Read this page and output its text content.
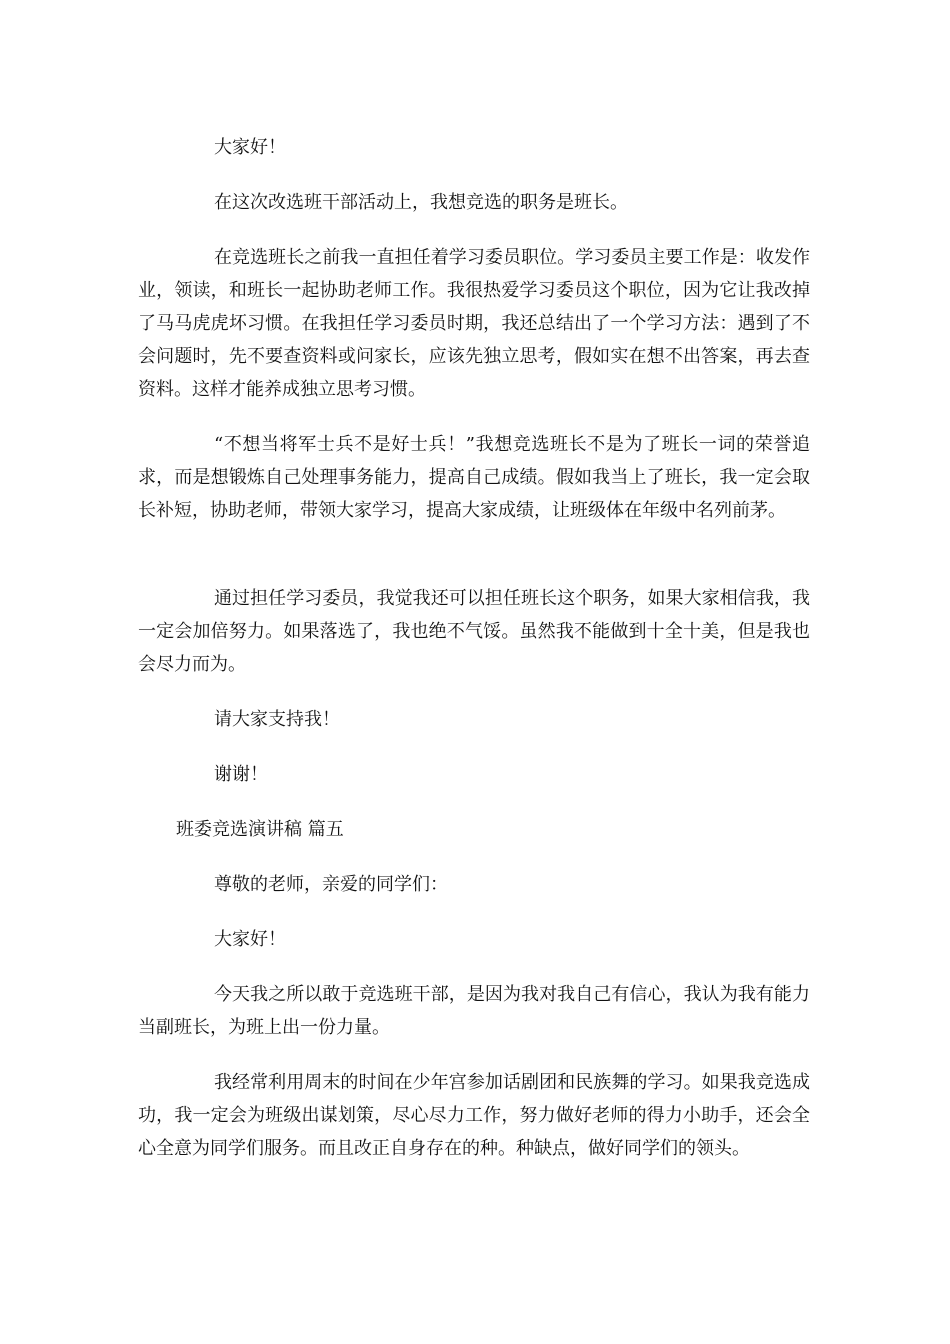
大家好！

在这次改选班干部活动上，我想竞选的职务是班长。

在竞选班长之前我一直担任着学习委员职位。学习委员主要工作是：收发作业，领读，和班长一起协助老师工作。我很热爱学习委员这个职位，因为它让我改掉了马马虎虎坏习惯。在我担任学习委员时期，我还总结出了一个学习方法：遇到了不会问题时，先不要查资料或问家长，应该先独立思考，假如实在想不出答案，再去查资料。这样才能养成独立思考习惯。

“不想当将军士兵不是好士兵！”我想竞选班长不是为了班长一词的荣誉追求，而是想锻炼自己处理事务能力，提高自己成绩。假如我当上了班长，我一定会取长补短，协助老师，带领大家学习，提高大家成绩，让班级体在年级中名列前茅。

通过担任学习委员，我觉我还可以担任班长这个职务，如果大家相信我，我一定会加倍努力。如果落选了，我也绝不气馁。虽然我不能做到十全十美，但是我也会尽力而为。

请大家支持我！

谢谢！

班委竞选演讲稿 篇五

尊敬的老师，亲爱的同学们：

大家好！

今天我之所以敢于竞选班干部，是因为我对我自己有信心，我认为我有能力当副班长，为班上出一份力量。

我经常利用周末的时间在少年宫参加话剧团和民族舞的学习。如果我竞选成功，我一定会为班级出谋划策，尽心尽力工作，努力做好老师的得力小助手，还会全心全意为同学们服务。而且改正自身存在的种。种缺点，做好同学们的领头。
